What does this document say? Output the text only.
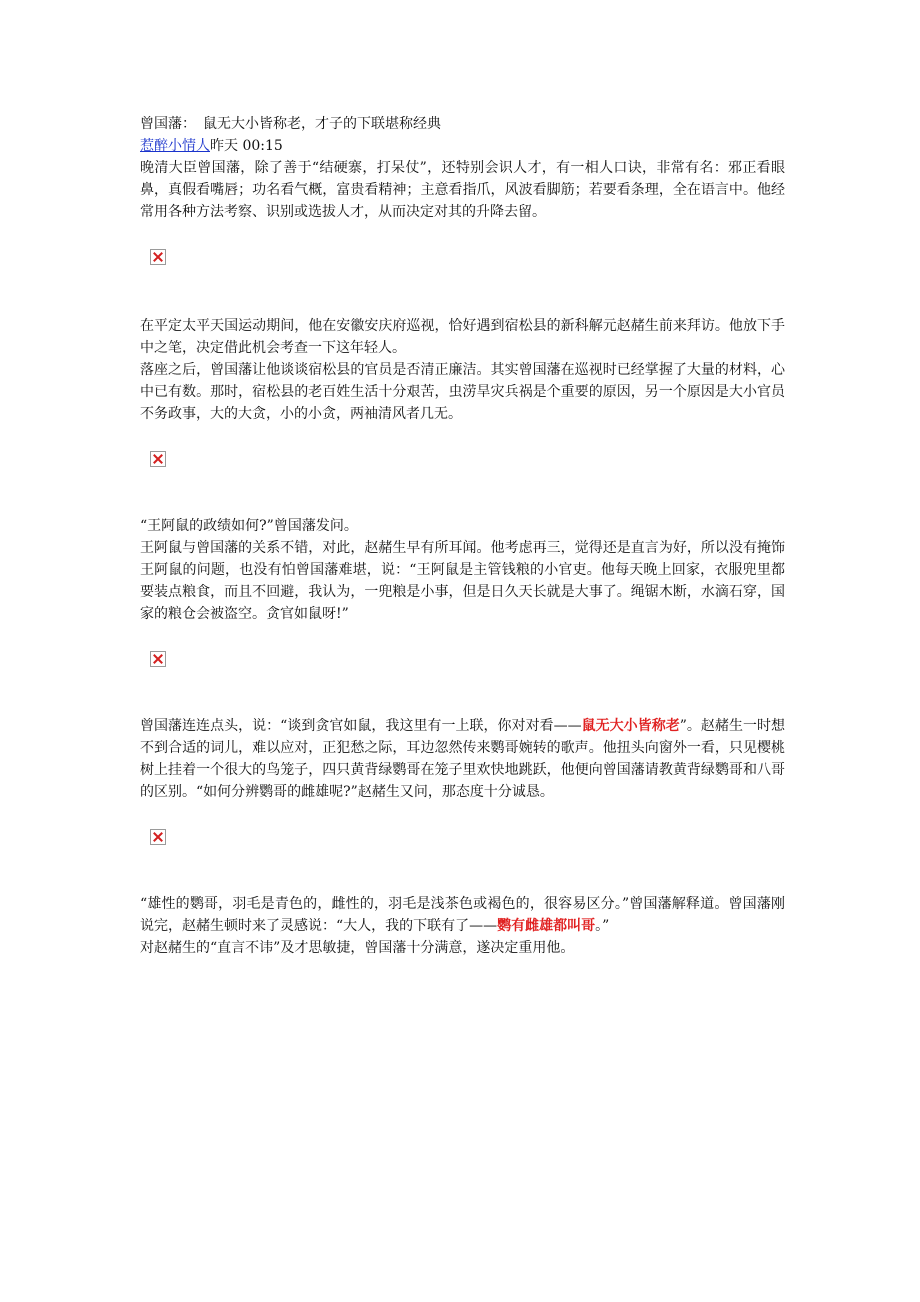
曾国藩：　鼠无大小皆称老，才子的下联堪称经典

惹醉小情人昨天 00:15

晚清大臣曾国藩，除了善于“结硬寨，打呆仗”，还特别会识人才，有一相人口诀，非常有名：邪正看眼鼻，真假看嘴唇；功名看气概，富贵看精神；主意看指爪，风波看脚筋；若要看条理，全在语言中。他经常用各种方法考察、识别或选拔人才，从而决定对其的升降去留。

在平定太平天国运动期间，他在安徽安庆府巡视，恰好遇到宿松县的新科解元赵赭生前来拜访。他放下手中之笔，决定借此机会考查一下这年轻人。

落座之后，曾国藩让他谈谈宿松县的官员是否清正廉洁。其实曾国藩在巡视时已经掌握了大量的材料，心中已有数。那时，宿松县的老百姓生活十分艰苦，虫涝旱灾兵祸是个重要的原因，另一个原因是大小官员不务政事，大的大贪，小的小贪，两袖清风者几无。

“王阿鼠的政绩如何?”曾国藩发问。

王阿鼠与曾国藩的关系不错，对此，赵赭生早有所耳闻。他考虑再三，觉得还是直言为好，所以没有掩饰王阿鼠的问题，也没有怕曾国藩难堪，说：“王阿鼠是主管钱粮的小官吏。他每天晚上回家，衣服兜里都要装点粮食，而且不回避，我认为，一兜粮是小事，但是日久天长就是大事了。绳锯木断，水滴石穿，国家的粮仓会被盗空。贪官如鼠呀!”

曾国藩连连点头，说：“谈到贪官如鼠，我这里有一上联，你对对看——鼠无大小皆称老”。赵赭生一时想不到合适的词儿，难以应对，正犯愁之际，耳边忽然传来鹦哥婉转的歌声。他扭头向窗外一看，只见樱桃树上挂着一个很大的鸟笼子，四只黄背绿鹦哥在笼子里欢快地跳跃，他便向曾国藩请教黄背绿鹦哥和八哥的区别。“如何分辨鹦哥的雌雄呢?”赵赭生又问，那态度十分诚恳。

“雄性的鹦哥，羽毛是青色的，雌性的，羽毛是浅茶色或褐色的，很容易区分。”曾国藩解释道。曾国藩刚说完，赵赭生顿时来了灵感说：“大人，我的下联有了——鹦有雌雄都叫哥。”

对赵赭生的“直言不讳”及才思敏捷，曾国藩十分满意，遂决定重用他。
